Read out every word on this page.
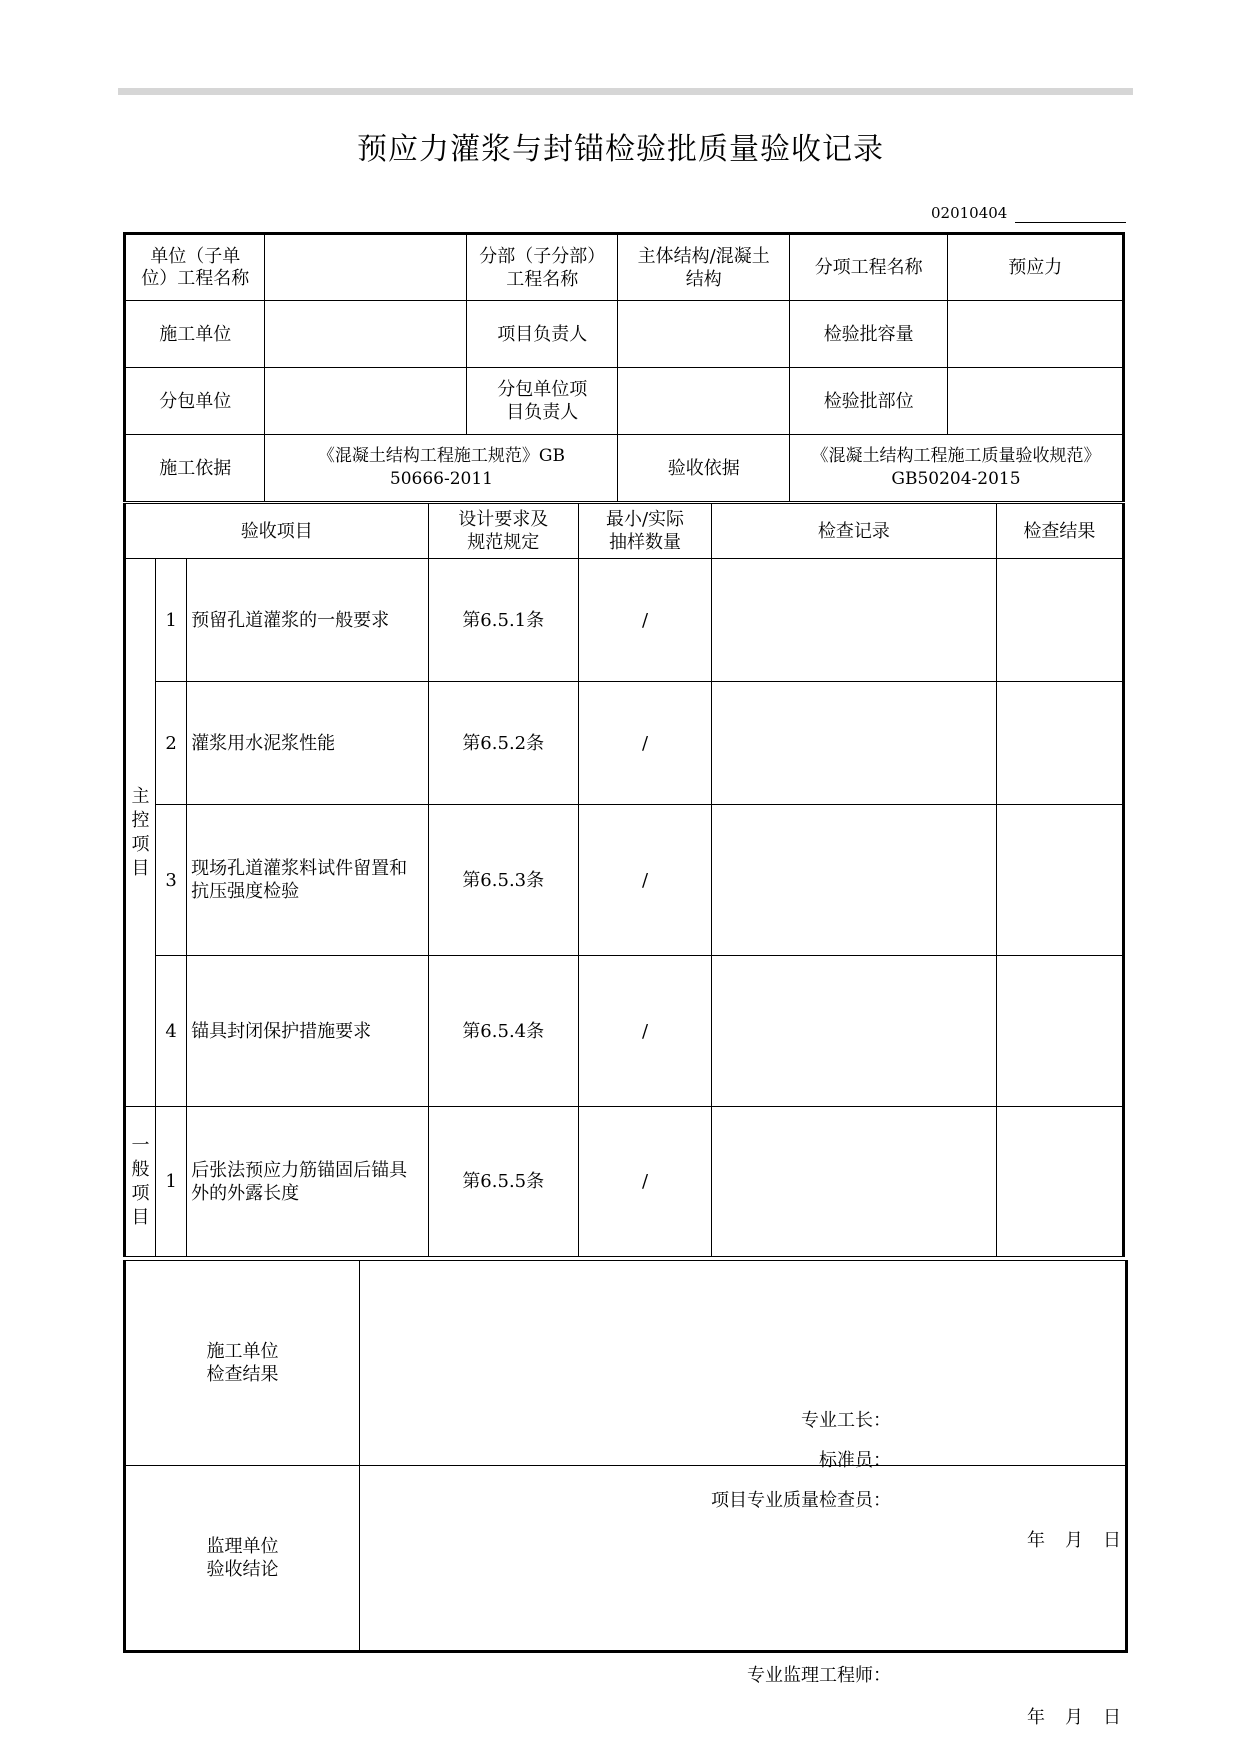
预应力灌浆与封锚检验批质量验收记录
02010404
单位（子单位）工程名称		分部（子分部）工程名称	主体结构/混凝土结构	分项工程名称	预应力
施工单位		项目负责人		检验批容量	
分包单位		分包单位项目负责人		检验批部位	
施工依据	《混凝土结构工程施工规范》GB 50666-2011		验收依据	《混凝土结构工程施工质量验收规范》GB50204-2015	
验收项目			设计要求及规范规定	最小/实际抽样数量	检查记录	检查结果

主控项目	1	预留孔道灌浆的一般要求	第6.5.1条	/		
	2	灌浆用水泥浆性能	第6.5.2条	/		
	3	现场孔道灌浆料试件留置和抗压强度检验	第6.5.3条	/		
	4	锚具封闭保护措施要求	第6.5.4条	/		

一般项目	1	后张法预应力筋锚固后锚具外的外露长度	第6.5.5条	/		
施工单位检查结果	专业工长：
标准员：
项目专业质量检查员：
年 月 日

监理单位验收结论	专业监理工程师：
年 月 日
